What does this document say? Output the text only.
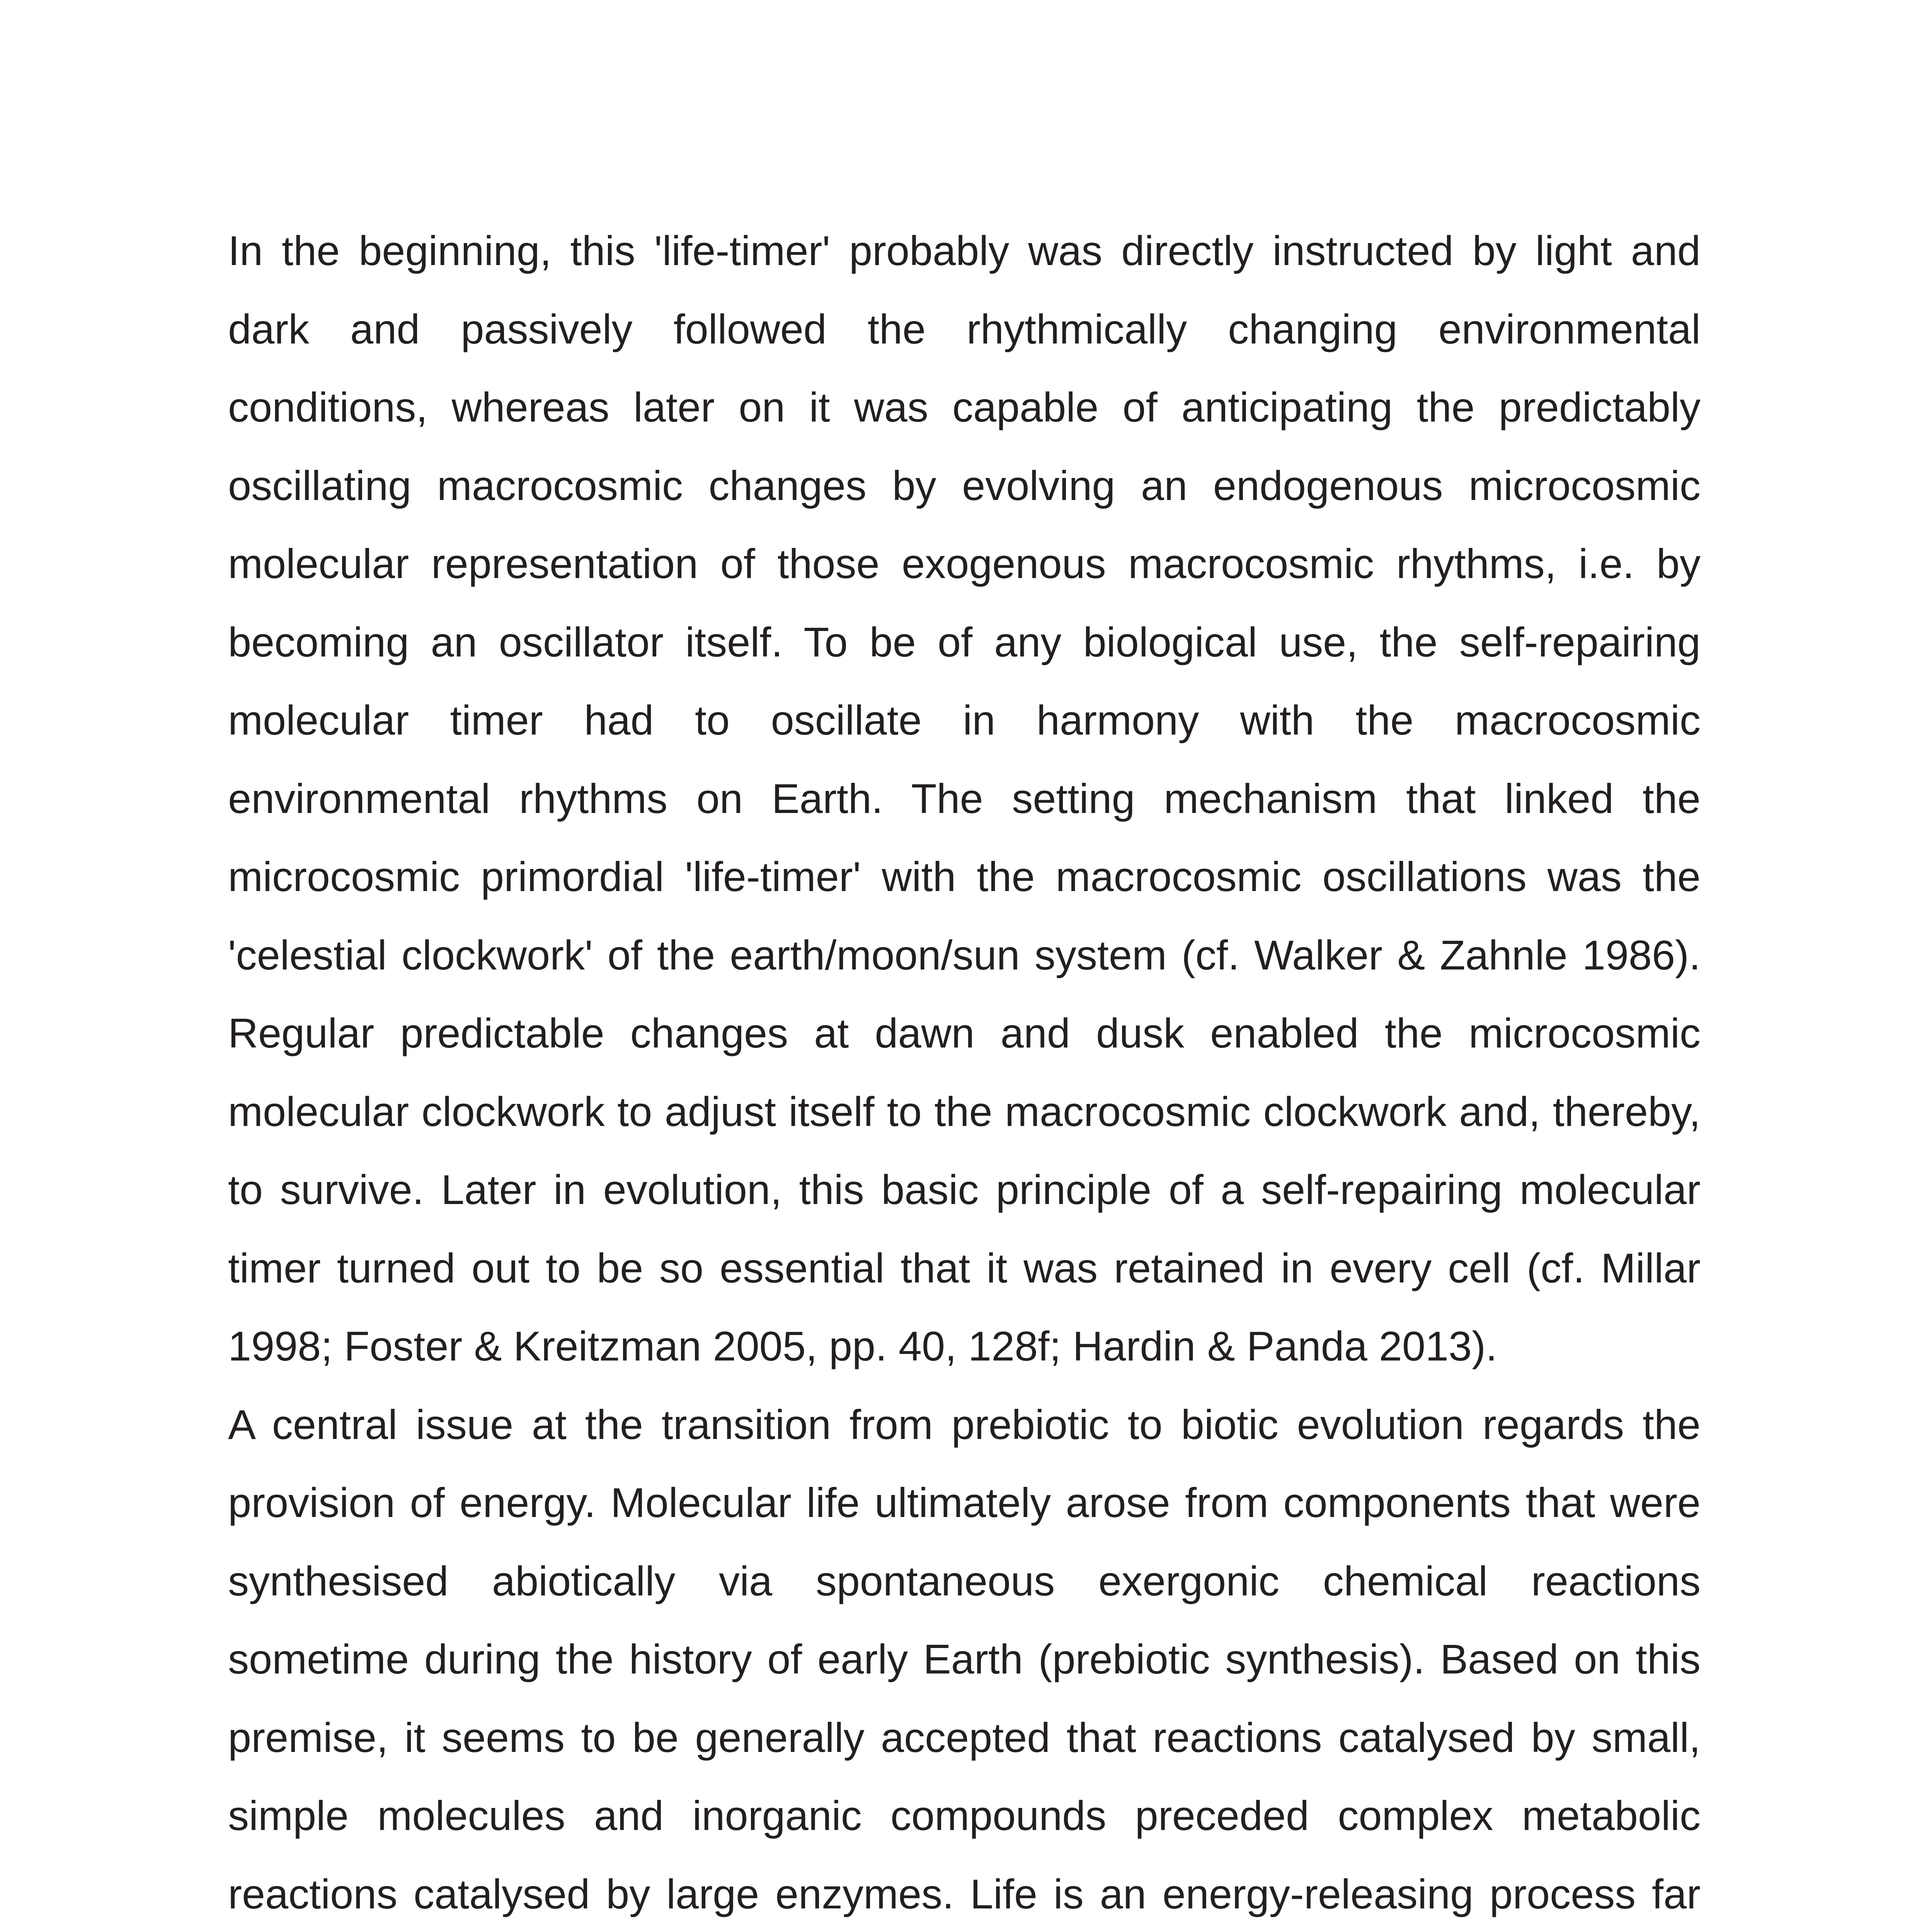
In the beginning, this 'life-timer' probably was directly instructed by light and dark and passively followed the rhythmically changing environmental conditions, whereas later on it was capable of anticipating the predictably oscillating macrocosmic changes by evolving an endogenous microcosmic molecular representation of those exogenous macrocosmic rhythms, i.e. by becoming an oscillator itself. To be of any biological use, the self-repairing molecular timer had to oscillate in harmony with the macrocosmic environmental rhythms on Earth. The setting mechanism that linked the microcosmic primordial 'life-timer' with the macrocosmic oscillations was the 'celestial clockwork' of the earth/moon/sun system (cf. Walker & Zahnle 1986). Regular predictable changes at dawn and dusk enabled the microcosmic molecular clockwork to adjust itself to the macrocosmic clockwork and, thereby, to survive. Later in evolution, this basic principle of a self-repairing molecular timer turned out to be so essential that it was retained in every cell (cf. Millar 1998; Foster & Kreitzman 2005, pp. 40, 128f; Hardin & Panda 2013).

A central issue at the transition from prebiotic to biotic evolution regards the provision of energy. Molecular life ultimately arose from components that were synthesised abiotically via spontaneous exergonic chemical reactions sometime during the history of early Earth (prebiotic synthesis). Based on this premise, it seems to be generally accepted that reactions catalysed by small, simple molecules and inorganic compounds preceded complex metabolic reactions catalysed by large enzymes. Life is an energy-releasing process far
